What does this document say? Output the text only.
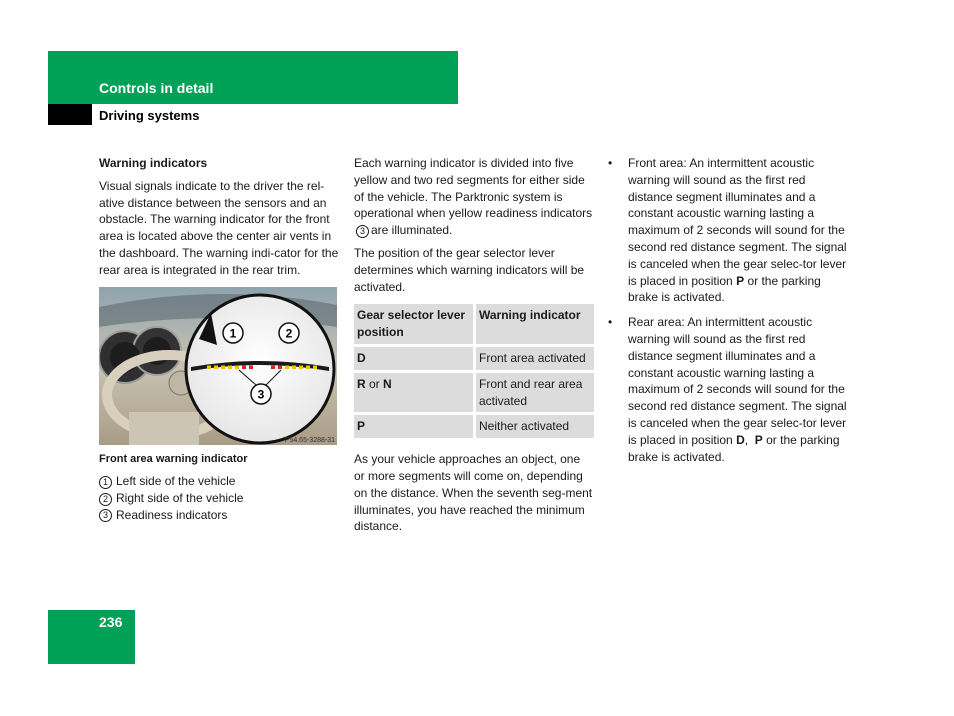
Controls in detail
Driving systems
Warning indicators

Visual signals indicate to the driver the rel-ative distance between the sensors and an obstacle. The warning indicator for the front area is located above the center air vents in the dashboard. The warning indi-cator for the rear area is integrated in the rear trim.

1	2
3
P54.65-3288-31
Front area warning indicator
1 Left side of the vehicle
2 Right side of the vehicle
3 Readiness indicators

Each warning indicator is divided into five yellow and two red segments for either side of the vehicle. The Parktronic system is operational when yellow readiness indicators 3 are illuminated.

The position of the gear selector lever determines which warning indicators will be activated.

Gear selector lever position	Warning indicator
D	Front area activated
R or N	Front and rear area activated
P	Neither activated

As your vehicle approaches an object, one or more segments will come on, depending on the distance. When the seventh seg-ment illuminates, you have reached the minimum distance.

• Front area: An intermittent acoustic warning will sound as the first red distance segment illuminates and a constant acoustic warning lasting a maximum of 2 seconds will sound for the second red distance segment. The signal is canceled when the gear selec-tor lever is placed in position P or the parking brake is activated.
• Rear area: An intermittent acoustic warning will sound as the first red distance segment illuminates and a constant acoustic warning lasting a maximum of 2 seconds will sound for the second red distance segment. The signal is canceled when the gear selec-tor lever is placed in position D, P or the parking brake is activated.
236
